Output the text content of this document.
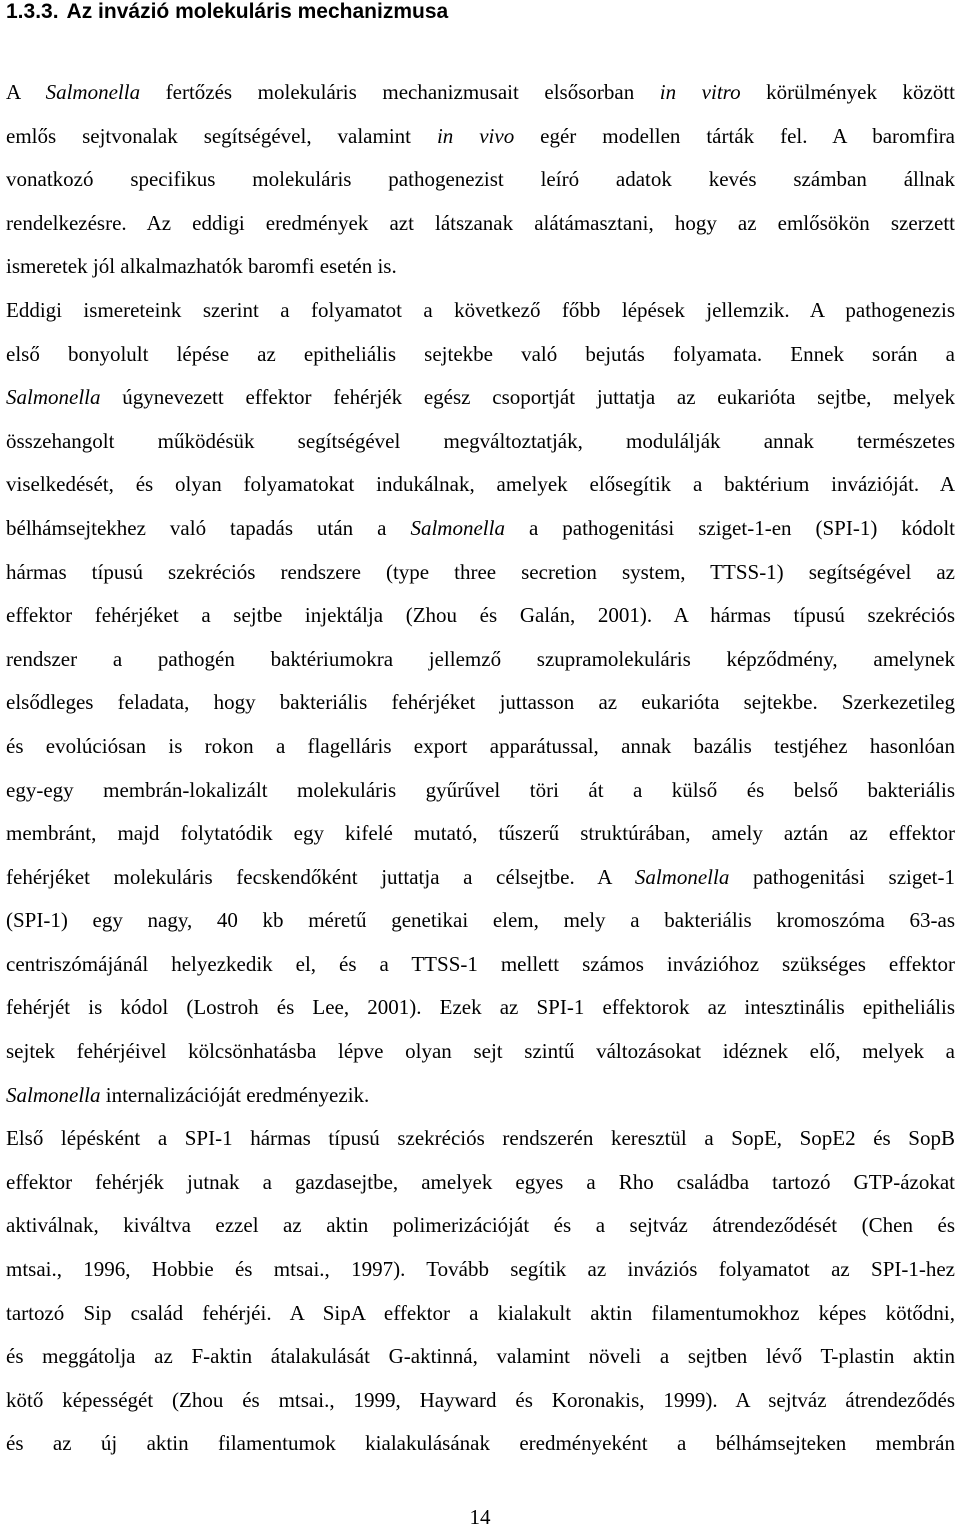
1.3.3. Az invázió molekuláris mechanizmusa
A Salmonella fertőzés molekuláris mechanizmusait elsősorban in vitro körülmények között
emlős sejtvonalak segítségével, valamint in vivo egér modellen tárták fel. A baromfira
vonatkozó specifikus molekuláris pathogenezist leíró adatok kevés számban állnak
rendelkezésre. Az eddigi eredmények azt látszanak alátámasztani, hogy az emlősökön szerzett
ismeretek jól alkalmazhatók baromfi esetén is.
Eddigi ismereteink szerint a folyamatot a következő főbb lépések jellemzik. A pathogenezis
első bonyolult lépése az epitheliális sejtekbe való bejutás folyamata. Ennek során a
Salmonella úgynevezett effektor fehérjék egész csoportját juttatja az eukarióta sejtbe, melyek
összehangolt működésük segítségével megváltoztatják, modulálják annak természetes
viselkedését, és olyan folyamatokat indukálnak, amelyek elősegítik a baktérium invázióját. A
bélhámsejtekhez való tapadás után a Salmonella a pathogenitási sziget-1-en (SPI-1) kódolt
hármas típusú szekréciós rendszere (type three secretion system, TTSS-1) segítségével az
effektor fehérjéket a sejtbe injektálja (Zhou és Galán, 2001). A hármas típusú szekréciós
rendszer a pathogén baktériumokra jellemző szupramolekuláris képződmény, amelynek
elsődleges feladata, hogy bakteriális fehérjéket juttasson az eukarióta sejtekbe. Szerkezetileg
és evolúciósan is rokon a flagelláris export apparátussal, annak bazális testjéhez hasonlóan
egy-egy membrán-lokalizált molekuláris gyűrűvel töri át a külső és belső bakteriális
membránt, majd folytatódik egy kifelé mutató, tűszerű struktúrában, amely aztán az effektor
fehérjéket molekuláris fecskendőként juttatja a célsejtbe. A Salmonella pathogenitási sziget-1
(SPI-1) egy nagy, 40 kb méretű genetikai elem, mely a bakteriális kromoszóma 63-as
centriszómájánál helyezkedik el, és a TTSS-1 mellett számos invázióhoz szükséges effektor
fehérjét is kódol (Lostroh és Lee, 2001). Ezek az SPI-1 effektorok az intesztinális epitheliális
sejtek fehérjéivel kölcsönhatásba lépve olyan sejt szintű változásokat idéznek elő, melyek a
Salmonella internalizációját eredményezik.
Első lépésként a SPI-1 hármas típusú szekréciós rendszerén keresztül a SopE, SopE2 és SopB
effektor fehérjék jutnak a gazdasejtbe, amelyek egyes a Rho családba tartozó GTP-ázokat
aktiválnak, kiváltva ezzel az aktin polimerizációját és a sejtváz átrendeződését (Chen és
mtsai., 1996, Hobbie és mtsai., 1997). Tovább segítik az inváziós folyamatot az SPI-1-hez
tartozó Sip család fehérjéi. A SipA effektor a kialakult aktin filamentumokhoz képes kötődni,
és meggátolja az F-aktin átalakulását G-aktinná, valamint növeli a sejtben lévő T-plastin aktin
kötő képességét (Zhou és mtsai., 1999, Hayward és Koronakis, 1999). A sejtváz átrendeződés
és az új aktin filamentumok kialakulásának eredményeként a bélhámsejteken membrán
14
